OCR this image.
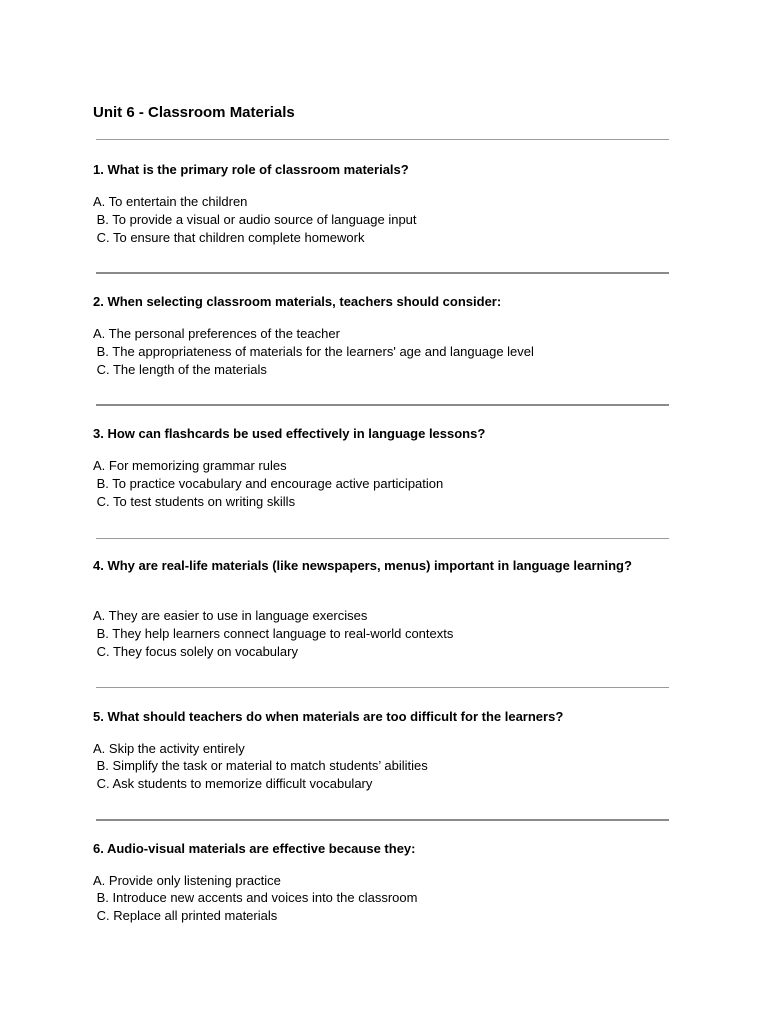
Unit 6 - Classroom Materials
1. What is the primary role of classroom materials?
A. To entertain the children
B. To provide a visual or audio source of language input
C. To ensure that children complete homework
2. When selecting classroom materials, teachers should consider:
A. The personal preferences of the teacher
B. The appropriateness of materials for the learners' age and language level
C. The length of the materials
3. How can flashcards be used effectively in language lessons?
A. For memorizing grammar rules
B. To practice vocabulary and encourage active participation
C. To test students on writing skills
4. Why are real-life materials (like newspapers, menus) important in language learning?
A. They are easier to use in language exercises
B. They help learners connect language to real-world contexts
C. They focus solely on vocabulary
5. What should teachers do when materials are too difficult for the learners?
A. Skip the activity entirely
B. Simplify the task or material to match students’ abilities
C. Ask students to memorize difficult vocabulary
6. Audio-visual materials are effective because they:
A. Provide only listening practice
B. Introduce new accents and voices into the classroom
C. Replace all printed materials
